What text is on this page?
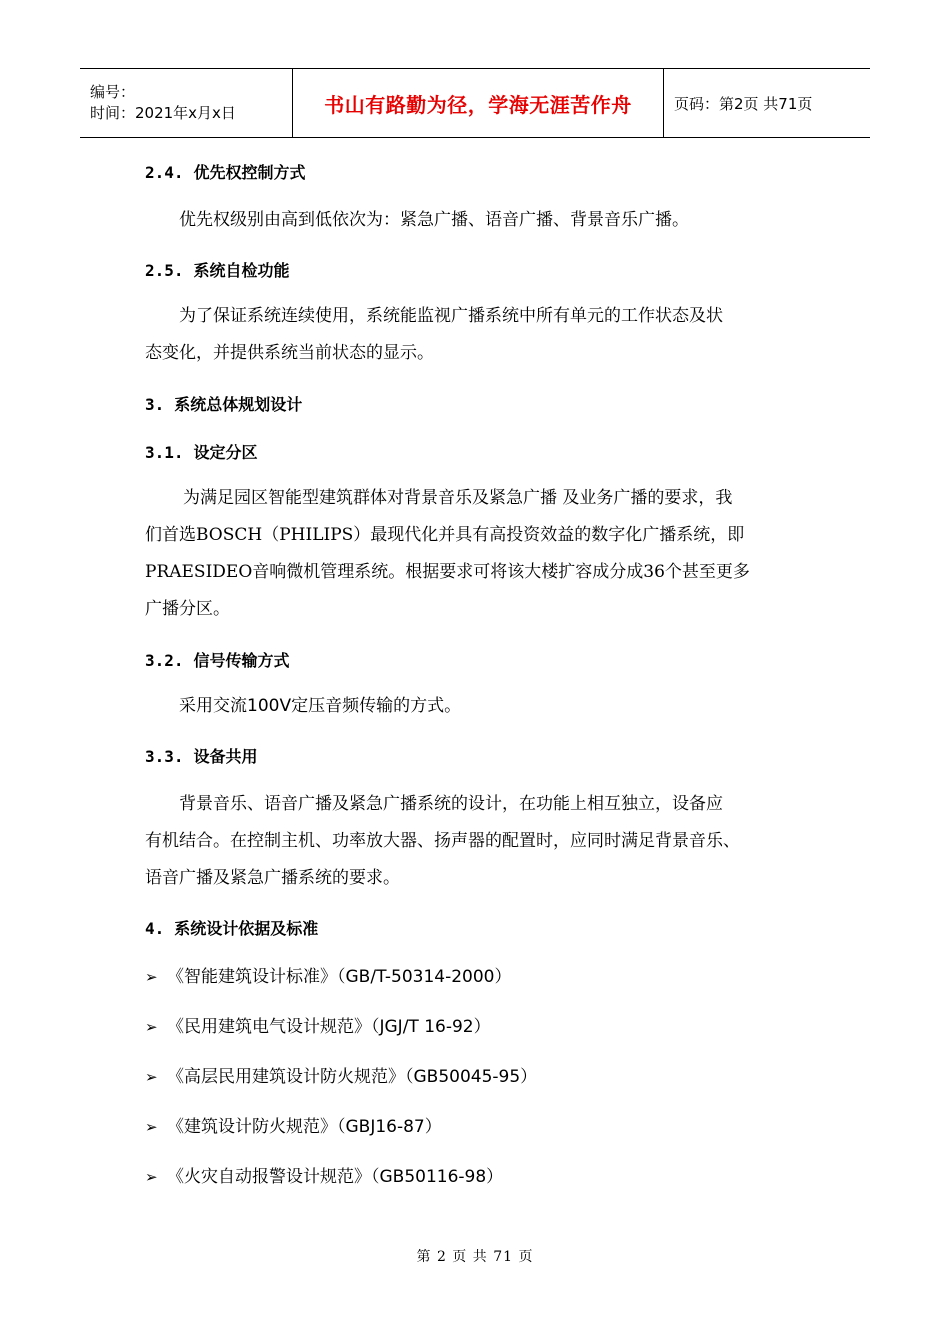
编号：
时间：2021年x月x日	书山有路勤为径，学海无涯苦作舟	页码：第2页 共71页
2.4. 优先权控制方式
优先权级别由高到低依次为：紧急广播、语音广播、背景音乐广播。
2.5. 系统自检功能
为了保证系统连续使用，系统能监视广播系统中所有单元的工作状态及状
态变化，并提供系统当前状态的显示。
3. 系统总体规划设计
3.1. 设定分区
为满足园区智能型建筑群体对背景音乐及紧急广播 及业务广播的要求，我
们首选BOSCH（PHILIPS）最现代化并具有高投资效益的数字化广播系统，即
PRAESIDEO音响微机管理系统。根据要求可将该大楼扩容成分成36个甚至更多
广播分区。
3.2. 信号传输方式
采用交流100V定压音频传输的方式。
3.3. 设备共用
背景音乐、语音广播及紧急广播系统的设计，在功能上相互独立，设备应
有机结合。在控制主机、功率放大器、扬声器的配置时，应同时满足背景音乐、
语音广播及紧急广播系统的要求。
4. 系统设计依据及标准
➢ 《智能建筑设计标准》（GB/T-50314-2000）
➢ 《民用建筑电气设计规范》（JGJ/T 16-92）
➢ 《高层民用建筑设计防火规范》（GB50045-95）
➢ 《建筑设计防火规范》（GBJ16-87）
➢ 《火灾自动报警设计规范》（GB50116-98）
第 2 页 共 71 页
